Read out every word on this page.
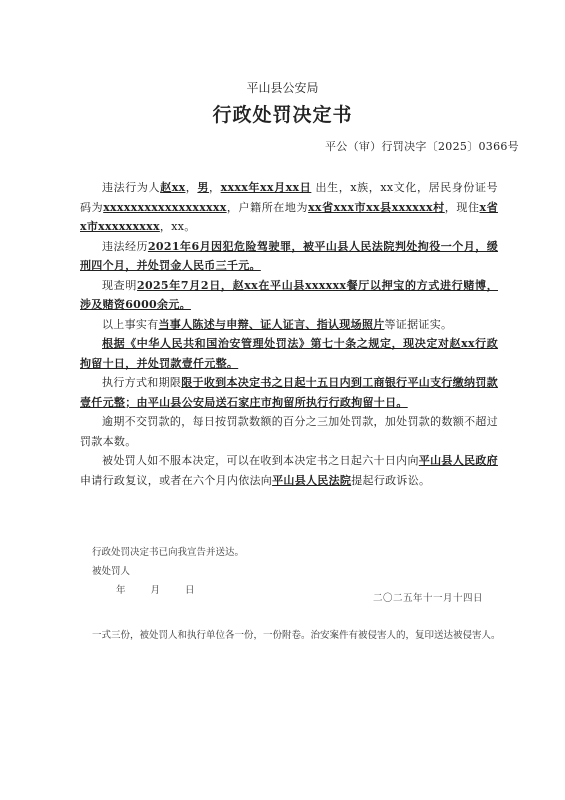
平山县公安局
行政处罚决定书
平公（审）行罚决字〔2025〕0366号

违法行为人赵xx，男，xxxx年xx月xx日 出生，x族，xx文化，居民身份证号码为xxxxxxxxxxxxxxxxxx，户籍所在地为xx省xxx市xx县xxxxxx村，现住x省x市xxxxxxxxx，xx。

违法经历2021年6月因犯危险驾驶罪，被平山县人民法院判处拘役一个月，缓刑四个月，并处罚金人民币三千元。

现查明2025年7月2日，赵xx在平山县xxxxxx餐厅以押宝的方式进行赌博，涉及赌资6000余元。

以上事实有当事人陈述与申辩、证人证言、指认现场照片等证据证实。

根据《中华人民共和国治安管理处罚法》第七十条之规定，现决定对赵xx行政拘留十日，并处罚款壹仟元整。

执行方式和期限限于收到本决定书之日起十五日内到工商银行平山支行缴纳罚款壹仟元整；由平山县公安局送石家庄市拘留所执行行政拘留十日。

逾期不交罚款的，每日按罚款数额的百分之三加处罚款，加处罚款的数额不超过罚款本数。

被处罚人如不服本决定，可以在收到本决定书之日起六十日内向平山县人民政府 申请行政复议，或者在六个月内依法向平山县人民法院提起行政诉讼。

行政处罚决定书已向我宣告并送达。
被处罚人
年 月 日
二〇二五年十一月十四日
一式三份，被处罚人和执行单位各一份，一份附卷。治安案件有被侵害人的，复印送达被侵害人。
